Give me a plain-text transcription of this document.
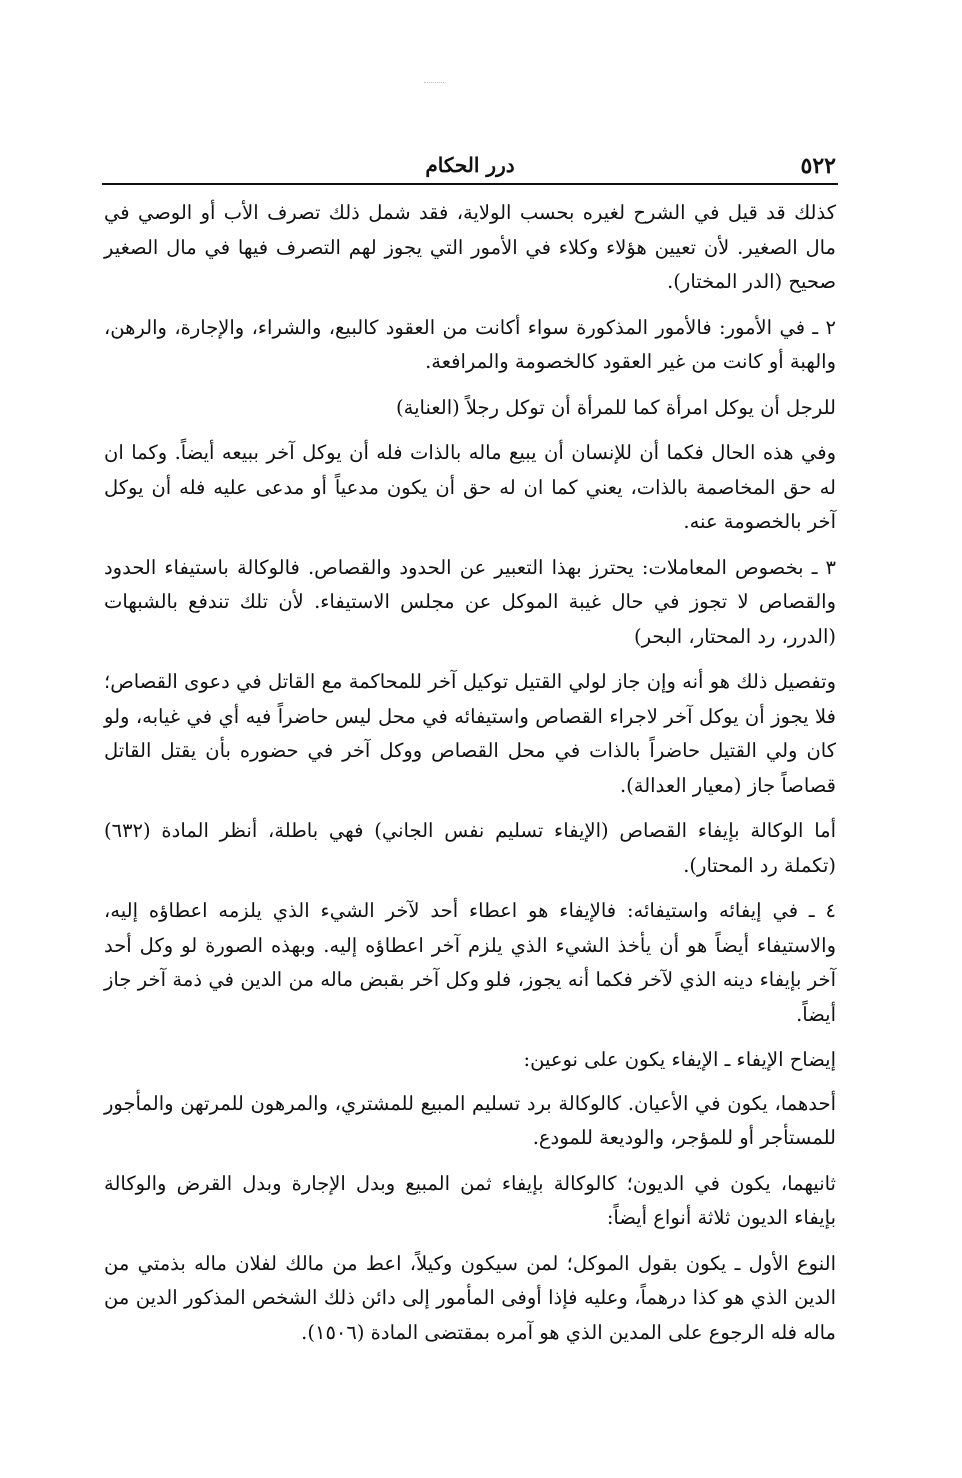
٥٢٢
درر الحكام

كذلك قد قيل في الشرح لغيره بحسب الولاية، فقد شمل ذلك تصرف الأب أو الوصي في مال الصغير. لأن تعيين هؤلاء وكلاء في الأمور التي يجوز لهم التصرف فيها في مال الصغير صحيح (الدر المختار).

٢ ـ في الأمور: فالأمور المذكورة سواء أكانت من العقود كالبيع، والشراء، والإجارة، والرهن، والهبة أو كانت من غير العقود كالخصومة والمرافعة.

للرجل أن يوكل امرأة كما للمرأة أن توكل رجلاً (العناية)

وفي هذه الحال فكما أن للإنسان أن يبيع ماله بالذات فله أن يوكل آخر ببيعه أيضاً. وكما ان له حق المخاصمة بالذات، يعني كما ان له حق أن يكون مدعياً أو مدعى عليه فله أن يوكل آخر بالخصومة عنه.

٣ ـ بخصوص المعاملات: يحترز بهذا التعبير عن الحدود والقصاص. فالوكالة باستيفاء الحدود والقصاص لا تجوز في حال غيبة الموكل عن مجلس الاستيفاء. لأن تلك تندفع بالشبهات (الدرر، رد المحتار، البحر)

وتفصيل ذلك هو أنه وإن جاز لولي القتيل توكيل آخر للمحاكمة مع القاتل في دعوى القصاص؛ فلا يجوز أن يوكل آخر لاجراء القصاص واستيفائه في محل ليس حاضراً فيه أي في غيابه، ولو كان ولي القتيل حاضراً بالذات في محل القصاص ووكل آخر في حضوره بأن يقتل القاتل قصاصاً جاز (معيار العدالة).

أما الوكالة بإيفاء القصاص (الإيفاء تسليم نفس الجاني) فهي باطلة، أنظر المادة (٦٣٢) (تكملة رد المحتار).

٤ ـ في إيفائه واستيفائه: فالإيفاء هو اعطاء أحد لآخر الشيء الذي يلزمه اعطاؤه إليه، والاستيفاء أيضاً هو أن يأخذ الشيء الذي يلزم آخر اعطاؤه إليه. وبهذه الصورة لو وكل أحد آخر بإيفاء دينه الذي لآخر فكما أنه يجوز، فلو وكل آخر بقبض ماله من الدين في ذمة آخر جاز أيضاً.

إيضاح الإيفاء ـ الإيفاء يكون على نوعين:

أحدهما، يكون في الأعيان. كالوكالة برد تسليم المبيع للمشتري، والمرهون للمرتهن والمأجور للمستأجر أو للمؤجر، والوديعة للمودع.

ثانيهما، يكون في الديون؛ كالوكالة بإيفاء ثمن المبيع وبدل الإجارة وبدل القرض والوكالة بإيفاء الديون ثلاثة أنواع أيضاً:

النوع الأول ـ يكون بقول الموكل؛ لمن سيكون وكيلاً، اعط من مالك لفلان ماله بذمتي من الدين الذي هو كذا درهماً، وعليه فإذا أوفى المأمور إلى دائن ذلك الشخص المذكور الدين من ماله فله الرجوع على المدين الذي هو آمره بمقتضى المادة (١٥٠٦).
